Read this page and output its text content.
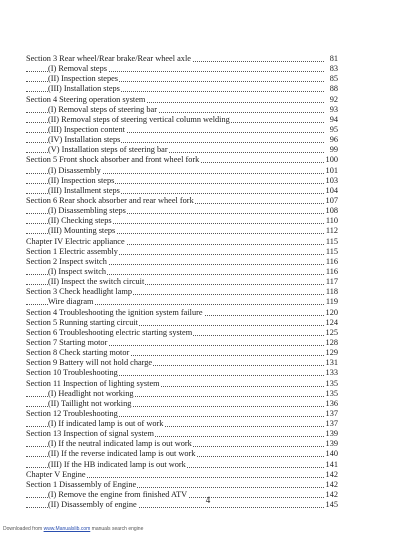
Section 3 Rear wheel/Rear brake/Rear wheel axle	81
(I) Removal steps	83
(II) Inspection stepes	85
(III) Installation steps	88
Section 4 Steering operation system	92
(I) Removal steps of steering bar	93
(II) Removal steps of steering vertical column welding	94
(III) Inspection content	95
(IV) Installation steps	96
(V) Installation steps of steering bar	99
Section 5 Front shock absorber and front wheel fork	100
(I) Disassembly	101
(II) Inspection steps	103
(III) Installment steps	104
Section 6 Rear shock absorber and rear wheel fork	107
(I) Disassembling steps	108
(II) Checking steps	110
(III) Mounting steps	112
Chapter IV Electric appliance	115
Section 1 Electric assembly	115
Section 2 Inspect switch	116
(I) Inspect switch	116
(II) Inspect the switch circuit	117
Section 3 Check headlight lamp	118
Wire diagram	119
Section 4 Troubleshooting the ignition system failure	120
Section 5 Running starting circuit	124
Section 6 Troubleshooting electric starting system	125
Section 7 Starting motor	128
Section 8 Check starting motor	129
Section 9 Battery will not hold charge	131
Section 10 Troubleshooting	133
Section 11 Inspection of lighting system	135
(I) Headlight not working	135
(II) Taillight not working	136
Section 12 Troubleshooting	137
(I) If indicated lamp is out of work	137
Section 13 Inspection of signal system	139
(I) If the neutral indicated lamp is out work	139
(II) If the reverse indicated lamp is out work	140
(III) If the HB indicated lamp is out work	141
Chapter V Engine	142
Section 1 Disassembly of Engine	142
(I) Remove the engine from finished ATV	142
(II) Disassembly of engine	145
4
Downloaded from www.Manualslib.com manuals search engine
